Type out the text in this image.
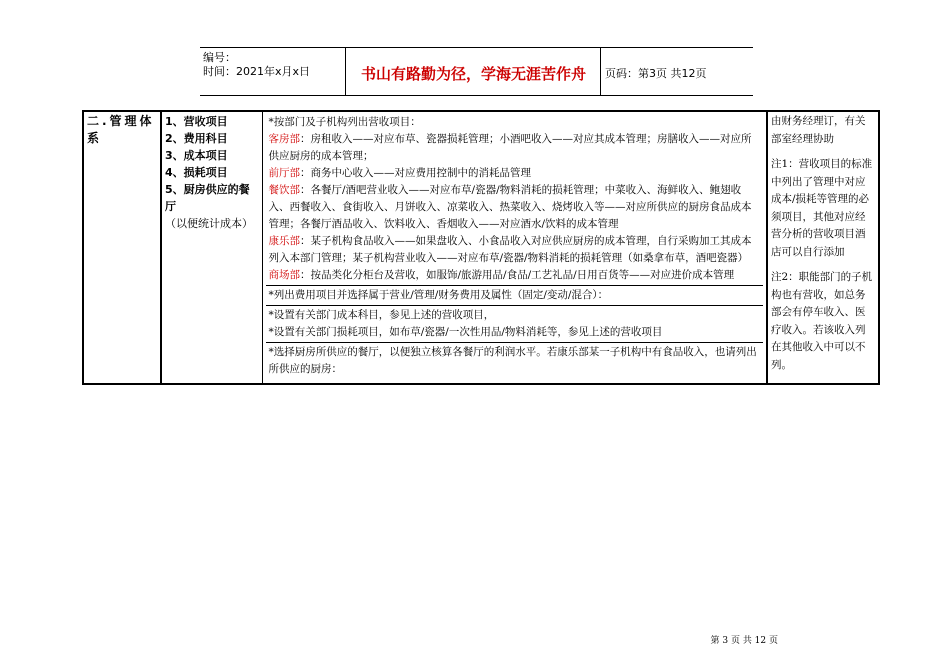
编号：
时间：2021年x月x日	书山有路勤为径，学海无涯苦作舟	页码：第3页 共12页
二.管理体系

1、营收项目
2、费用科目
3、成本项目
4、损耗项目
5、厨房供应的餐厅（以便统计成本）

*按部门及子机构列出营收项目：
客房部：房租收入——对应布草、瓷器损耗管理；小酒吧收入——对应其成本管理；房膳收入——对应所供应厨房的成本管理；
前厅部：商务中心收入——对应费用控制中的消耗品管理
餐饮部：各餐厅/酒吧营业收入——对应布草/瓷器/物料消耗的损耗管理；中菜收入、海鲜收入、鲍翅收入、西餐收入、食街收入、月饼收入、凉菜收入、热菜收入、烧烤收入等——对应所供应的厨房食品成本管理；各餐厅酒品收入、饮料收入、香烟收入——对应酒水/饮料的成本管理
康乐部：某子机构食品收入——如果盘收入、小食品收入对应供应厨房的成本管理，自行采购加工其成本列入本部门管理；某子机构营业收入——对应布草/瓷器/物料消耗的损耗管理（如桑拿布草，酒吧瓷器）
商场部：按品类化分柜台及营收，如服饰/旅游用品/食品/工艺礼品/日用百货等——对应进价成本管理
*列出费用项目并选择属于营业/管理/财务费用及属性（固定/变动/混合）：
*设置有关部门成本科目，参见上述的营收项目，
*设置有关部门损耗项目，如布草/瓷器/一次性用品/物料消耗等，参见上述的营收项目
*选择厨房所供应的餐厅，以便独立核算各餐厅的利润水平。若康乐部某一子机构中有食品收入，也请列出所供应的厨房：

由财务经理订，有关部室经理协助

注1：营收项目的标准中列出了管理中对应成本/损耗等管理的必须项目，其他对应经营分析的营收项目酒店可以自行添加

注2：职能部门的子机构也有营收，如总务部会有停车收入、医疗收入。若该收入列在其他收入中可以不列。

第 3 页 共 12 页
